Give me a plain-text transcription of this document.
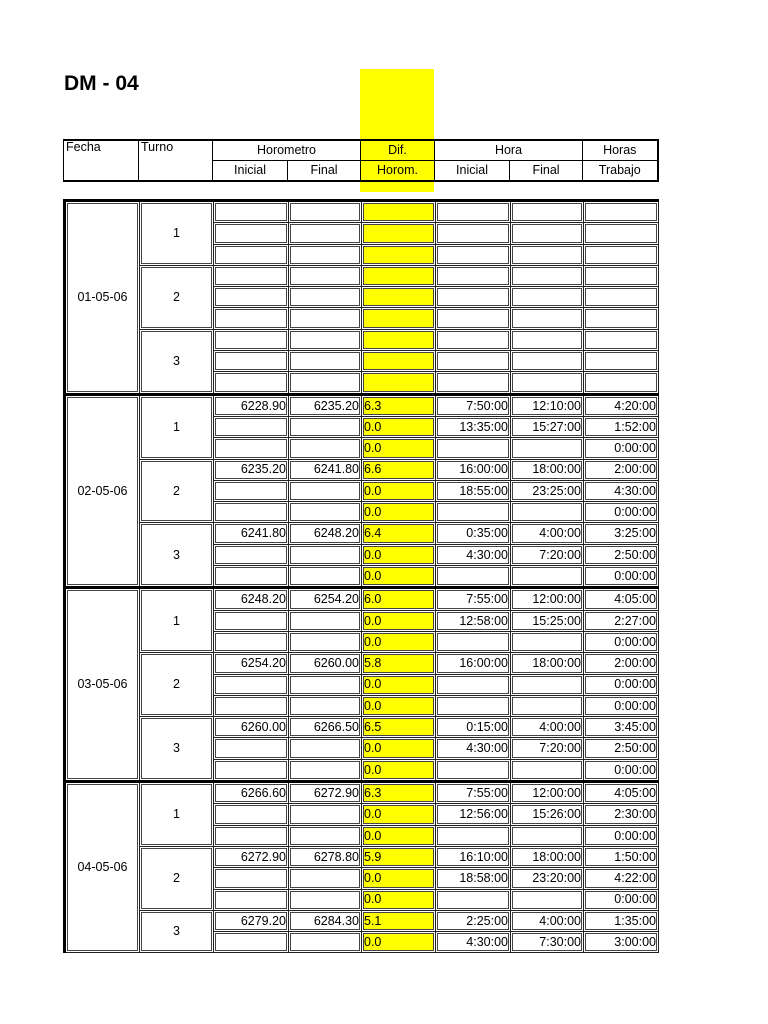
DM - 04
Fecha	Turno	Horometro		Dif.	Hora		Horas
		Inicial	Final	Horom.	Inicial	Final	Trabajo
01-05-06	1						

	2						

	3						

02-05-06	1	6228.90	6235.20	6.3	7:50:00	12:10:00	4:20:00
				0.0	13:35:00	15:27:00	1:52:00
				0.0			0:00:00
	2	6235.20	6241.80	6.6	16:00:00	18:00:00	2:00:00
				0.0	18:55:00	23:25:00	4:30:00
				0.0			0:00:00
	3	6241.80	6248.20	6.4	0:35:00	4:00:00	3:25:00
				0.0	4:30:00	7:20:00	2:50:00
				0.0			0:00:00
03-05-06	1	6248.20	6254.20	6.0	7:55:00	12:00:00	4:05:00
				0.0	12:58:00	15:25:00	2:27:00
				0.0			0:00:00
	2	6254.20	6260.00	5.8	16:00:00	18:00:00	2:00:00
				0.0			0:00:00
				0.0			0:00:00
	3	6260.00	6266.50	6.5	0:15:00	4:00:00	3:45:00
				0.0	4:30:00	7:20:00	2:50:00
				0.0			0:00:00
04-05-06	1	6266.60	6272.90	6.3	7:55:00	12:00:00	4:05:00
				0.0	12:56:00	15:26:00	2:30:00
				0.0			0:00:00
	2	6272.90	6278.80	5.9	16:10:00	18:00:00	1:50:00
				0.0	18:58:00	23:20:00	4:22:00
				0.0			0:00:00
	3	6279.20	6284.30	5.1	2:25:00	4:00:00	1:35:00
				0.0	4:30:00	7:30:00	3:00:00
